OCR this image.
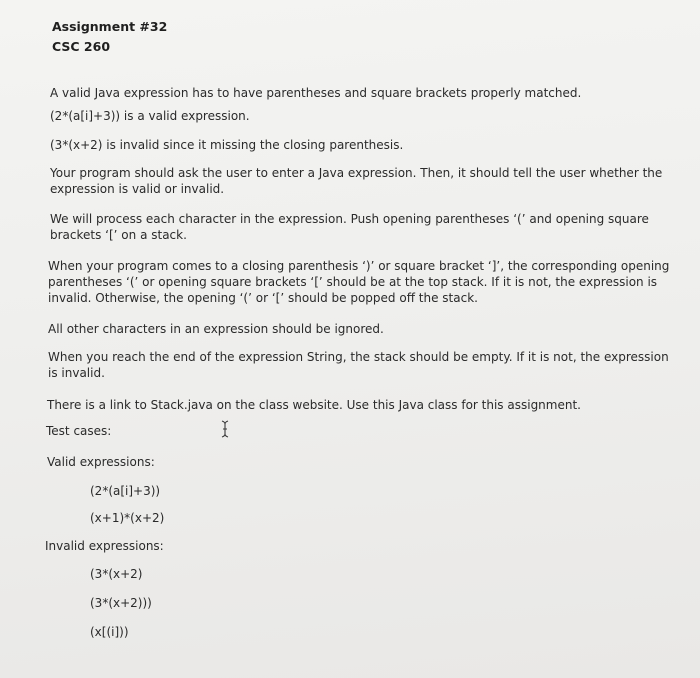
Assignment #32
CSC 260
A valid Java expression has to have parentheses and square brackets properly matched.
(2*(a[i]+3)) is a valid expression.
(3*(x+2) is invalid since it missing the closing parenthesis.
Your program should ask the user to enter a Java expression. Then, it should tell the user whether the
expression is valid or invalid.
We will process each character in the expression. Push opening parentheses ‘(’ and opening square
brackets ‘[’ on a stack.
When your program comes to a closing parenthesis ‘)’ or square bracket ‘]’, the corresponding opening
parentheses ‘(’ or opening square brackets ‘[’ should be at the top stack. If it is not, the expression is
invalid. Otherwise, the opening ‘(’ or ‘[’ should be popped off the stack.
All other characters in an expression should be ignored.
When you reach the end of the expression String, the stack should be empty. If it is not, the expression
is invalid.
There is a link to Stack.java on the class website. Use this Java class for this assignment.
Test cases:
Valid expressions:
(2*(a[i]+3))
(x+1)*(x+2)
Invalid expressions:
(3*(x+2)
(3*(x+2)))
(x[(i]))
